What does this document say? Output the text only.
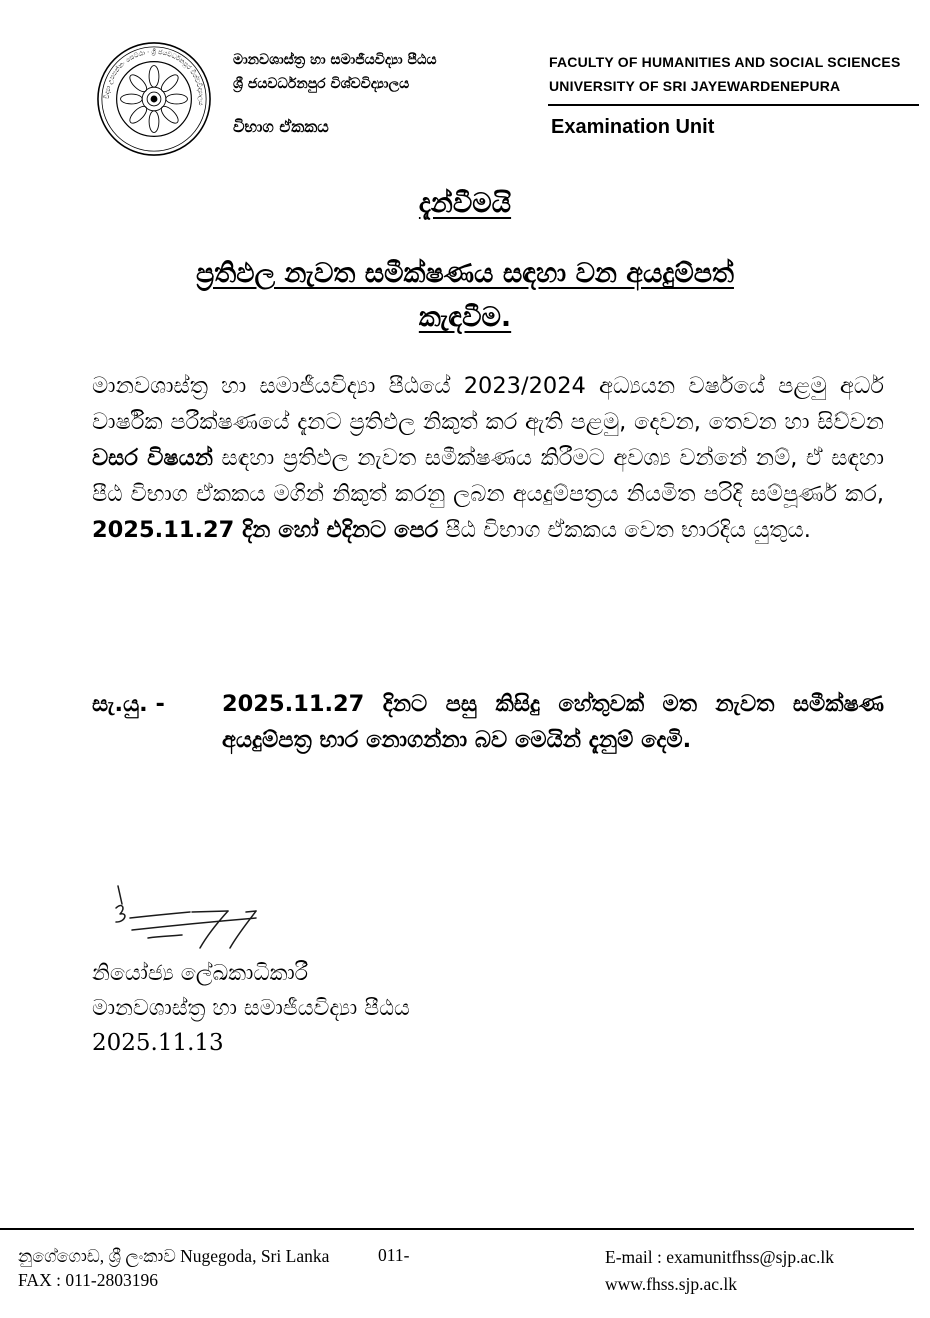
විද්‍යා උපපන්නං සෙට්ඨා · ශ්‍රී ජයවර්ධනපුර විශ්වවිද්‍යාලය
මානවශාස්ත්‍ර හා සමාජීයවිද්‍යා පීඨය
ශ්‍රී ජයවර්ධනපුර විශ්වවිද්‍යාලය
FACULTY OF HUMANITIES AND SOCIAL SCIENCES
UNIVERSITY OF SRI JAYEWARDENEPURA
විභාග ඒකකය	Examination Unit
දැන්වීමයි
ප්‍රතිඵල නැවත සමීක්ෂණය සඳහා වන අයදුම්පත්
කැඳවීම.
මානවශාස්ත්‍ර හා සමාජීයවිද්‍යා පීඨයේ 2023/2024 අධ්‍යයන වර්ෂයේ පළමු අර්ධ වාර්ෂික පරීක්ෂණයේ දැනට ප්‍රතිඵල නිකුත් කර ඇති පළමු, දෙවන, තෙවන හා සිව්වන වසර විෂයන් සඳහා ප්‍රතිඵල නැවත සමීක්ෂණය කිරීමට අවශ්‍ය වන්නේ නම්, ඒ සඳහා පීඨ විභාග ඒකකය මගින් නිකුත් කරනු ලබන අයදුම්පත්‍රය නියමිත පරිදි සම්පූර්ණ කර, 2025.11.27 දින හෝ එදිනට පෙර පීඨ විභාග ඒකකය වෙත භාරදිය යුතුය.
සැ.යු. -	2025.11.27 දිනට පසු කිසිදු හේතුවක් මත නැවත සමීක්ෂණ අයදුම්පත්‍ර භාර නොගන්නා බව මෙයින් දැනුම් දෙමි.
නියෝජ්‍ය ලේඛකාධිකාරී
මානවශාස්ත්‍ර හා සමාජීයවිද්‍යා පීඨය
2025.11.13
නුගේගොඩ, ශ්‍රී ලංකාව Nugegoda, Sri Lanka	011-
FAX : 011-2803196
E-mail : examunitfhss@sjp.ac.lk
www.fhss.sjp.ac.lk
